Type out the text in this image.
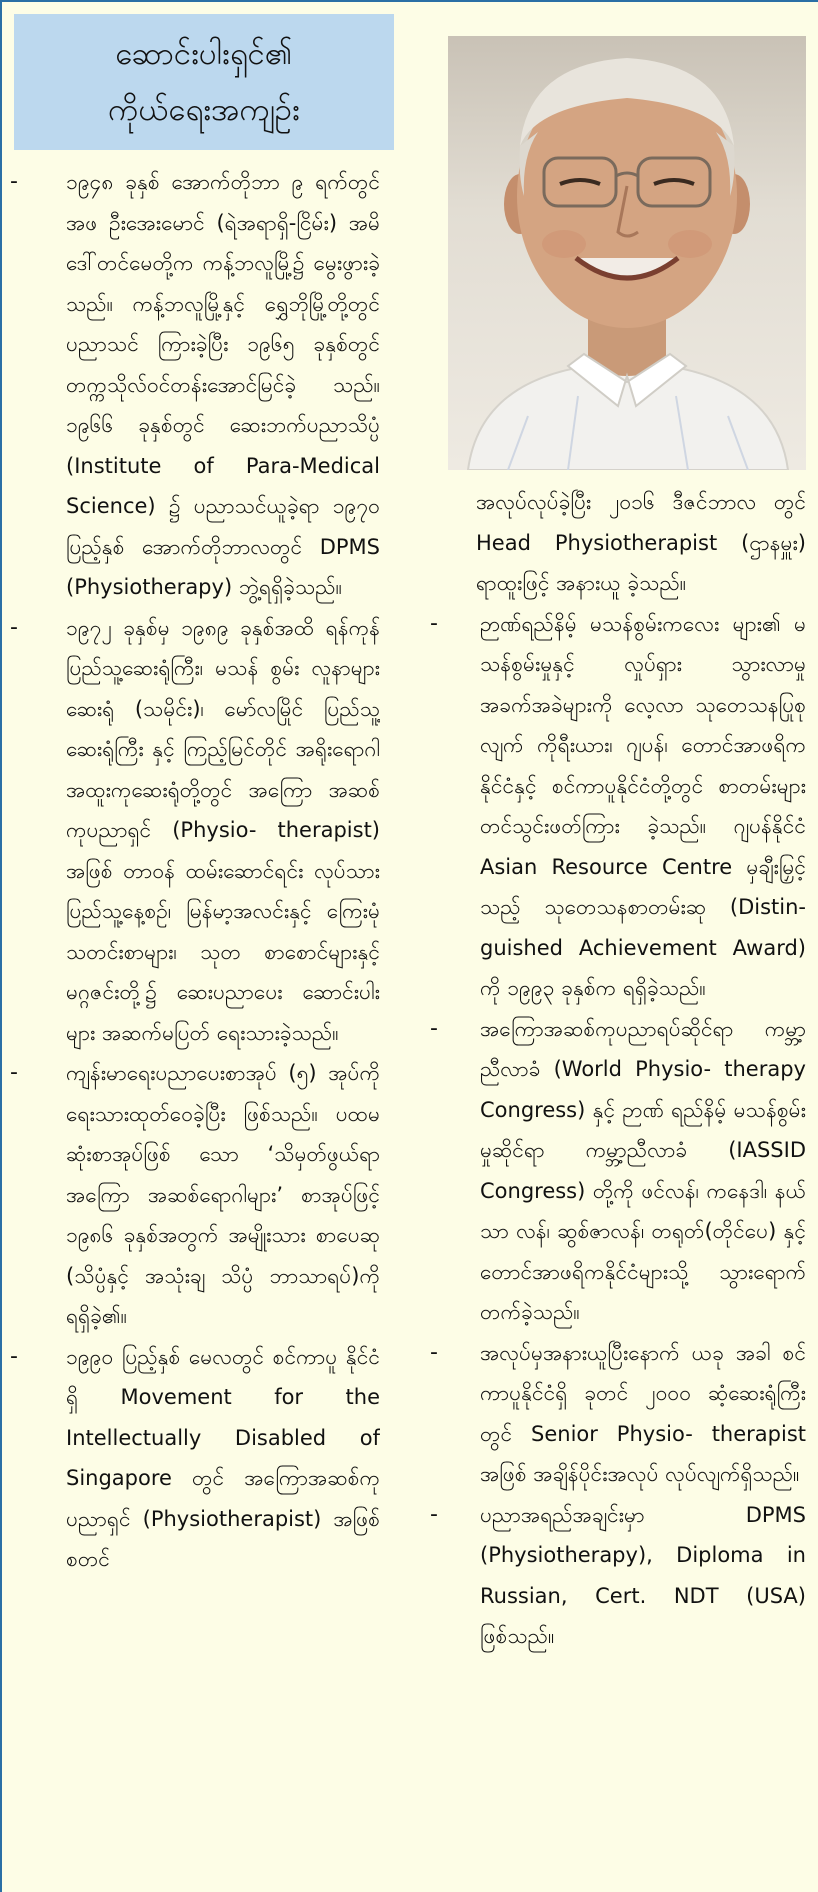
ဆောင်းပါးရှင်၏
ကိုယ်ရေးအကျဉ်း
-	၁၉၄၈ ခုနှစ် အောက်တိုဘာ ၉ ရက်တွင် အဖ ဦးအေးမောင် (ရဲအရာရှိ-ငြိမ်း) အမိ ဒေါ်တင်မေတို့က ကန့်ဘလူမြို့၌ မွေးဖွားခဲ့သည်။ ကန့်ဘလူမြို့နှင့် ရွှေဘိုမြို့တို့တွင် ပညာသင် ကြားခဲ့ပြီး ၁၉၆၅ ခုနှစ်တွင် တက္ကသိုလ်ဝင်တန်းအောင်မြင်ခဲ့ သည်။ ၁၉၆၆ ခုနှစ်တွင် ဆေးဘက်ပညာသိပ္ပံ (Institute of Para-Medical Science) ၌ ပညာသင်ယူခဲ့ရာ ၁၉၇၀ ပြည့်နှစ် အောက်တိုဘာလတွင် DPMS (Physiotherapy) ဘွဲ့ရရှိခဲ့သည်။
-	၁၉၇၂ ခုနှစ်မှ ၁၉၈၉ ခုနှစ်အထိ ရန်ကုန်ပြည်သူ့ဆေးရုံကြီး၊ မသန် စွမ်း လူနာများ ဆေးရုံ (သမိုင်း)၊ မော်လမြိုင် ပြည်သူ့ဆေးရုံကြီး နှင့် ကြည့်မြင်တိုင် အရိုးရောဂါ အထူးကုဆေးရုံတို့တွင် အကြော အဆစ်ကုပညာရှင် (Physio- therapist) အဖြစ် တာဝန် ထမ်းဆောင်ရင်း လုပ်သား ပြည်သူ့နေ့စဉ်၊ မြန်မာ့အလင်းနှင့် ကြေးမုံသတင်းစာများ၊ သုတ စာစောင်များနှင့် မဂ္ဂဇင်းတို့၌ ဆေးပညာပေး ဆောင်းပါးများ အဆက်မပြတ် ရေးသားခဲ့သည်။
-	ကျန်းမာရေးပညာပေးစာအုပ် (၅) အုပ်ကို ရေးသားထုတ်ဝေခဲ့ပြီး ဖြစ်သည်။ ပထမဆုံးစာအုပ်ဖြစ် သော ‘သိမှတ်ဖွယ်ရာ အကြော အဆစ်ရောဂါများ’ စာအုပ်ဖြင့် ၁၉၈၆ ခုနှစ်အတွက် အမျိုးသား စာပေဆု (သိပ္ပံနှင့် အသုံးချ သိပ္ပံ ဘာသာရပ်)ကို ရရှိခဲ့၏။
-	၁၉၉၀ ပြည့်နှစ် မေလတွင် စင်ကာပူ နိုင်ငံရှိ Movement for the Intellectually Disabled of Singapore တွင် အကြောအဆစ်ကု ပညာရှင် (Physiotherapist) အဖြစ် စတင်
အလုပ်လုပ်ခဲ့ပြီး ၂၀၁၆ ဒီဇင်ဘာလ တွင် Head Physiotherapist (ဌာနမှူး) ရာထူးဖြင့် အနားယူ ခဲ့သည်။
-	ဉာဏ်ရည်နိမ့် မသန်စွမ်းကလေး များ၏ မသန်စွမ်းမှုနှင့် လှုပ်ရှား သွားလာမှု အခက်အခဲများကို လေ့လာ သုတေသနပြုစုလျက် ကိုရီးယား၊ ဂျပန်၊ တောင်အာဖရိက နိုင်ငံနှင့် စင်ကာပူနိုင်ငံတို့တွင် စာတမ်းများ တင်သွင်းဖတ်ကြား ခဲ့သည်။ ဂျပန်နိုင်ငံ Asian Resource Centre မှချီးမြှင့်သည့် သုတေသနစာတမ်းဆု (Distin- guished Achievement Award) ကို ၁၉၉၃ ခုနှစ်က ရရှိခဲ့သည်။
-	အကြောအဆစ်ကုပညာရပ်ဆိုင်ရာ ကမ္ဘာ့ညီလာခံ (World Physio- therapy Congress) နှင့် ဉာဏ် ရည်နိမ့် မသန်စွမ်းမှုဆိုင်ရာ ကမ္ဘာ့ညီလာခံ (IASSID Congress) တို့ကို ဖင်လန်၊ ကနေဒါ၊ နယ်သာ လန်၊ ဆွစ်ဇာလန်၊ တရုတ်(တိုင်ပေ) နှင့် တောင်အာဖရိကနိုင်ငံများသို့ သွားရောက်တက်ခဲ့သည်။
-	အလုပ်မှအနားယူပြီးနောက် ယခု အခါ စင်ကာပူနိုင်ငံရှိ ခုတင် ၂၀၀၀ ဆံ့ဆေးရုံကြီးတွင် Senior Physio- therapist အဖြစ် အချိန်ပိုင်းအလုပ် လုပ်လျက်ရှိသည်။
-	ပညာအရည်အချင်းမှာ DPMS (Physiotherapy), Diploma in Russian, Cert. NDT (USA) ဖြစ်သည်။
